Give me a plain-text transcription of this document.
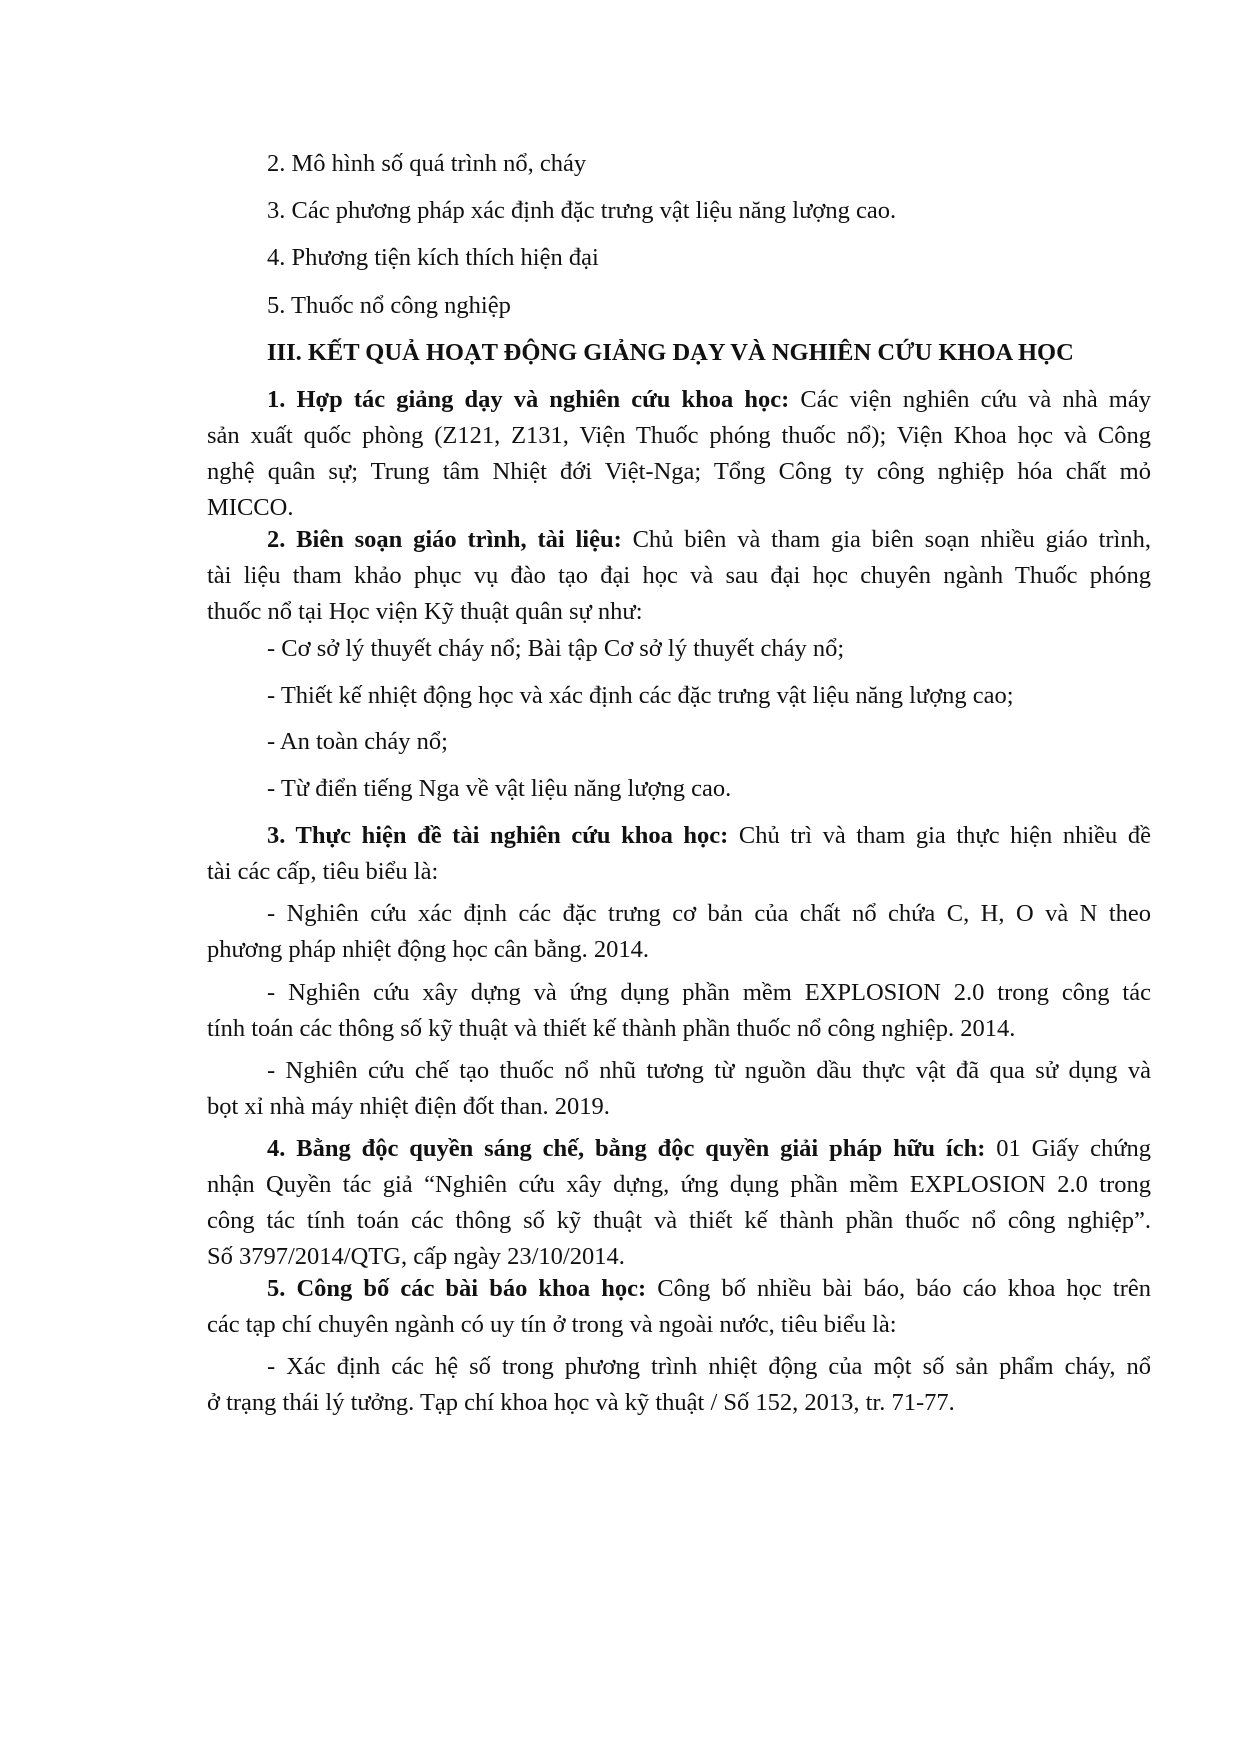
2. Mô hình số quá trình nổ, cháy
3. Các phương pháp xác định đặc trưng vật liệu năng lượng cao.
4. Phương tiện kích thích hiện đại
5. Thuốc nổ công nghiệp
III. KẾT QUẢ HOẠT ĐỘNG GIẢNG DẠY VÀ NGHIÊN CỨU KHOA HỌC
1. Hợp tác giảng dạy và nghiên cứu khoa học: Các viện nghiên cứu và nhà máy
sản xuất quốc phòng (Z121, Z131, Viện Thuốc phóng thuốc nổ); Viện Khoa học và Công
nghệ quân sự; Trung tâm Nhiệt đới Việt-Nga; Tổng Công ty công nghiệp hóa chất mỏ
MICCO.
2. Biên soạn giáo trình, tài liệu: Chủ biên và tham gia biên soạn nhiều giáo trình,
tài liệu tham khảo phục vụ đào tạo đại học và sau đại học chuyên ngành Thuốc phóng
thuốc nổ tại Học viện Kỹ thuật quân sự như:
- Cơ sở lý thuyết cháy nổ; Bài tập Cơ sở lý thuyết cháy nổ;
- Thiết kế nhiệt động học và xác định các đặc trưng vật liệu năng lượng cao;
- An toàn cháy nổ;
- Từ điển tiếng Nga về vật liệu năng lượng cao.
3. Thực hiện đề tài nghiên cứu khoa học: Chủ trì và tham gia thực hiện nhiều đề
tài các cấp, tiêu biểu là:
- Nghiên cứu xác định các đặc trưng cơ bản của chất nổ chứa C, H, O và N theo
phương pháp nhiệt động học cân bằng. 2014.
- Nghiên cứu xây dựng và ứng dụng phần mềm EXPLOSION 2.0 trong công tác
tính toán các thông số kỹ thuật và thiết kế thành phần thuốc nổ công nghiệp. 2014.
- Nghiên cứu chế tạo thuốc nổ nhũ tương từ nguồn dầu thực vật đã qua sử dụng và
bọt xỉ nhà máy nhiệt điện đốt than. 2019.
4. Bằng độc quyền sáng chế, bằng độc quyền giải pháp hữu ích: 01 Giấy chứng
nhận Quyền tác giả “Nghiên cứu xây dựng, ứng dụng phần mềm EXPLOSION 2.0 trong
công tác tính toán các thông số kỹ thuật và thiết kế thành phần thuốc nổ công nghiệp”.
Số 3797/2014/QTG, cấp ngày 23/10/2014.
5. Công bố các bài báo khoa học: Công bố nhiều bài báo, báo cáo khoa học trên
các tạp chí chuyên ngành có uy tín ở trong và ngoài nước, tiêu biểu là:
- Xác định các hệ số trong phương trình nhiệt động của một số sản phẩm cháy, nổ
ở trạng thái lý tưởng. Tạp chí khoa học và kỹ thuật / Số 152, 2013, tr. 71-77.
